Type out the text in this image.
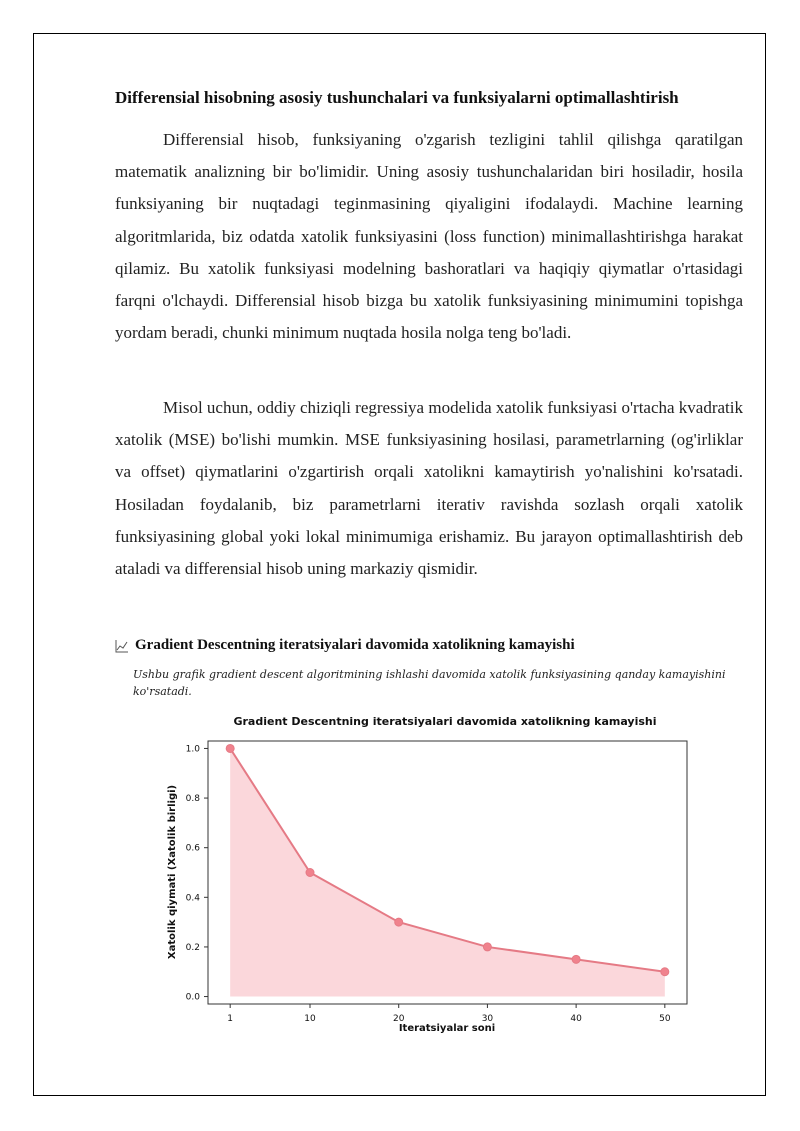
Differensial hisobning asosiy tushunchalari va funksiyalarni optimallashtirish

Differensial hisob, funksiyaning o'zgarish tezligini tahlil qilishga qaratilgan matematik analizning bir bo'limidir. Uning asosiy tushunchalaridan biri hosiladir, hosila funksiyaning bir nuqtadagi teginmasining qiyaligini ifodalaydi. Machine learning algoritmlarida, biz odatda xatolik funksiyasini (loss function) minimallashtirishga harakat qilamiz. Bu xatolik funksiyasi modelning bashoratlari va haqiqiy qiymatlar o'rtasidagi farqni o'lchaydi. Differensial hisob bizga bu xatolik funksiyasining minimumini topishga yordam beradi, chunki minimum nuqtada hosila nolga teng bo'ladi.

Misol uchun, oddiy chiziqli regressiya modelida xatolik funksiyasi o'rtacha kvadratik xatolik (MSE) bo'lishi mumkin. MSE funksiyasining hosilasi, parametrlarning (og'irliklar va offset) qiymatlarini o'zgartirish orqali xatolikni kamaytirish yo'nalishini ko'rsatadi. Hosiladan foydalanib, biz parametrlarni iterativ ravishda sozlash orqali xatolik funksiyasining global yoki lokal minimumiga erishamiz. Bu jarayon optimallashtirish deb ataladi va differensial hisob uning markaziy qismidir.

Gradient Descentning iteratsiyalari davomida xatolikning kamayishi
Ushbu grafik gradient descent algoritmining ishlashi davomida xatolik funksiyasining qanday kamayishini ko'rsatadi.
Gradient Descentning iteratsiyalari davomida xatolikning kamayishi
1	10	20	30	40	50
0.0
0.2
0.4
0.6
0.8
1.0
Iteratsiyalar soni
Xatolik qiymati (Xatolik birligi)
